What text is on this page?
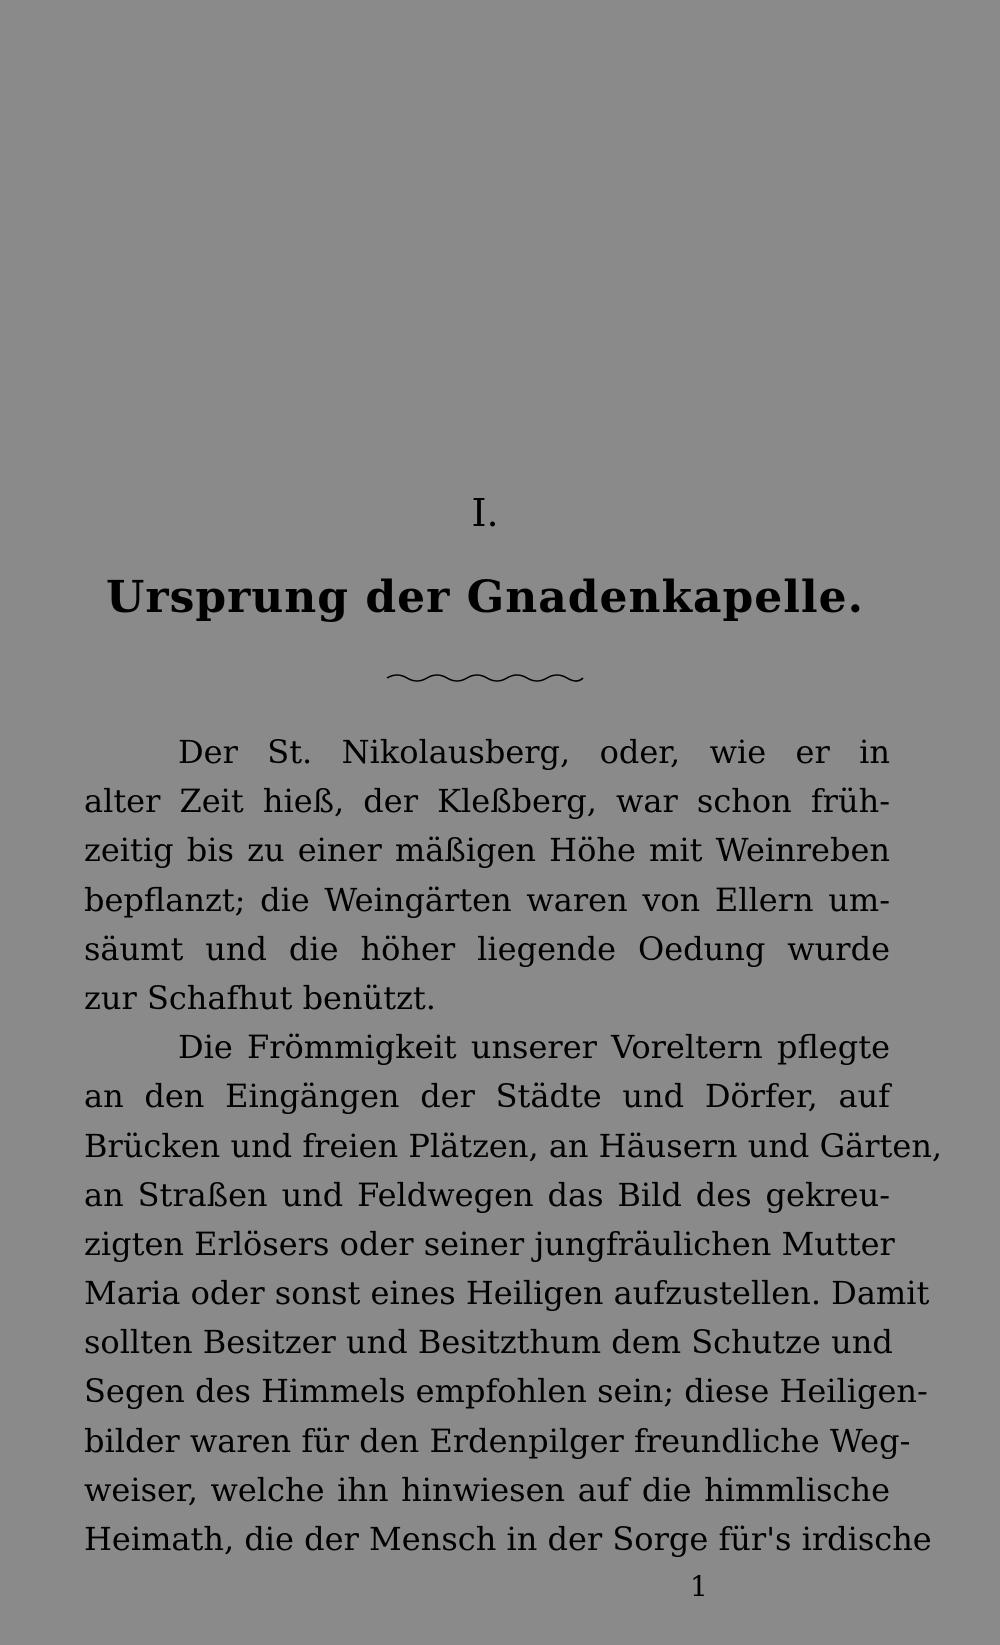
I.
Ursprung der Gnadenkapelle.
Der St. Nikolausberg, oder, wie er in
alter Zeit hieß, der Kleßberg, war schon früh-
zeitig bis zu einer mäßigen Höhe mit Weinreben
bepflanzt; die Weingärten waren von Ellern um-
säumt und die höher liegende Oedung wurde
zur Schafhut benützt.
Die Frömmigkeit unserer Voreltern pflegte
an den Eingängen der Städte und Dörfer, auf
Brücken und freien Plätzen, an Häusern und Gärten,
an Straßen und Feldwegen das Bild des gekreu-
zigten Erlösers oder seiner jungfräulichen Mutter
Maria oder sonst eines Heiligen aufzustellen. Damit
sollten Besitzer und Besitzthum dem Schutze und
Segen des Himmels empfohlen sein; diese Heiligen-
bilder waren für den Erdenpilger freundliche Weg-
weiser, welche ihn hinwiesen auf die himmlische
Heimath, die der Mensch in der Sorge für's irdische
1
